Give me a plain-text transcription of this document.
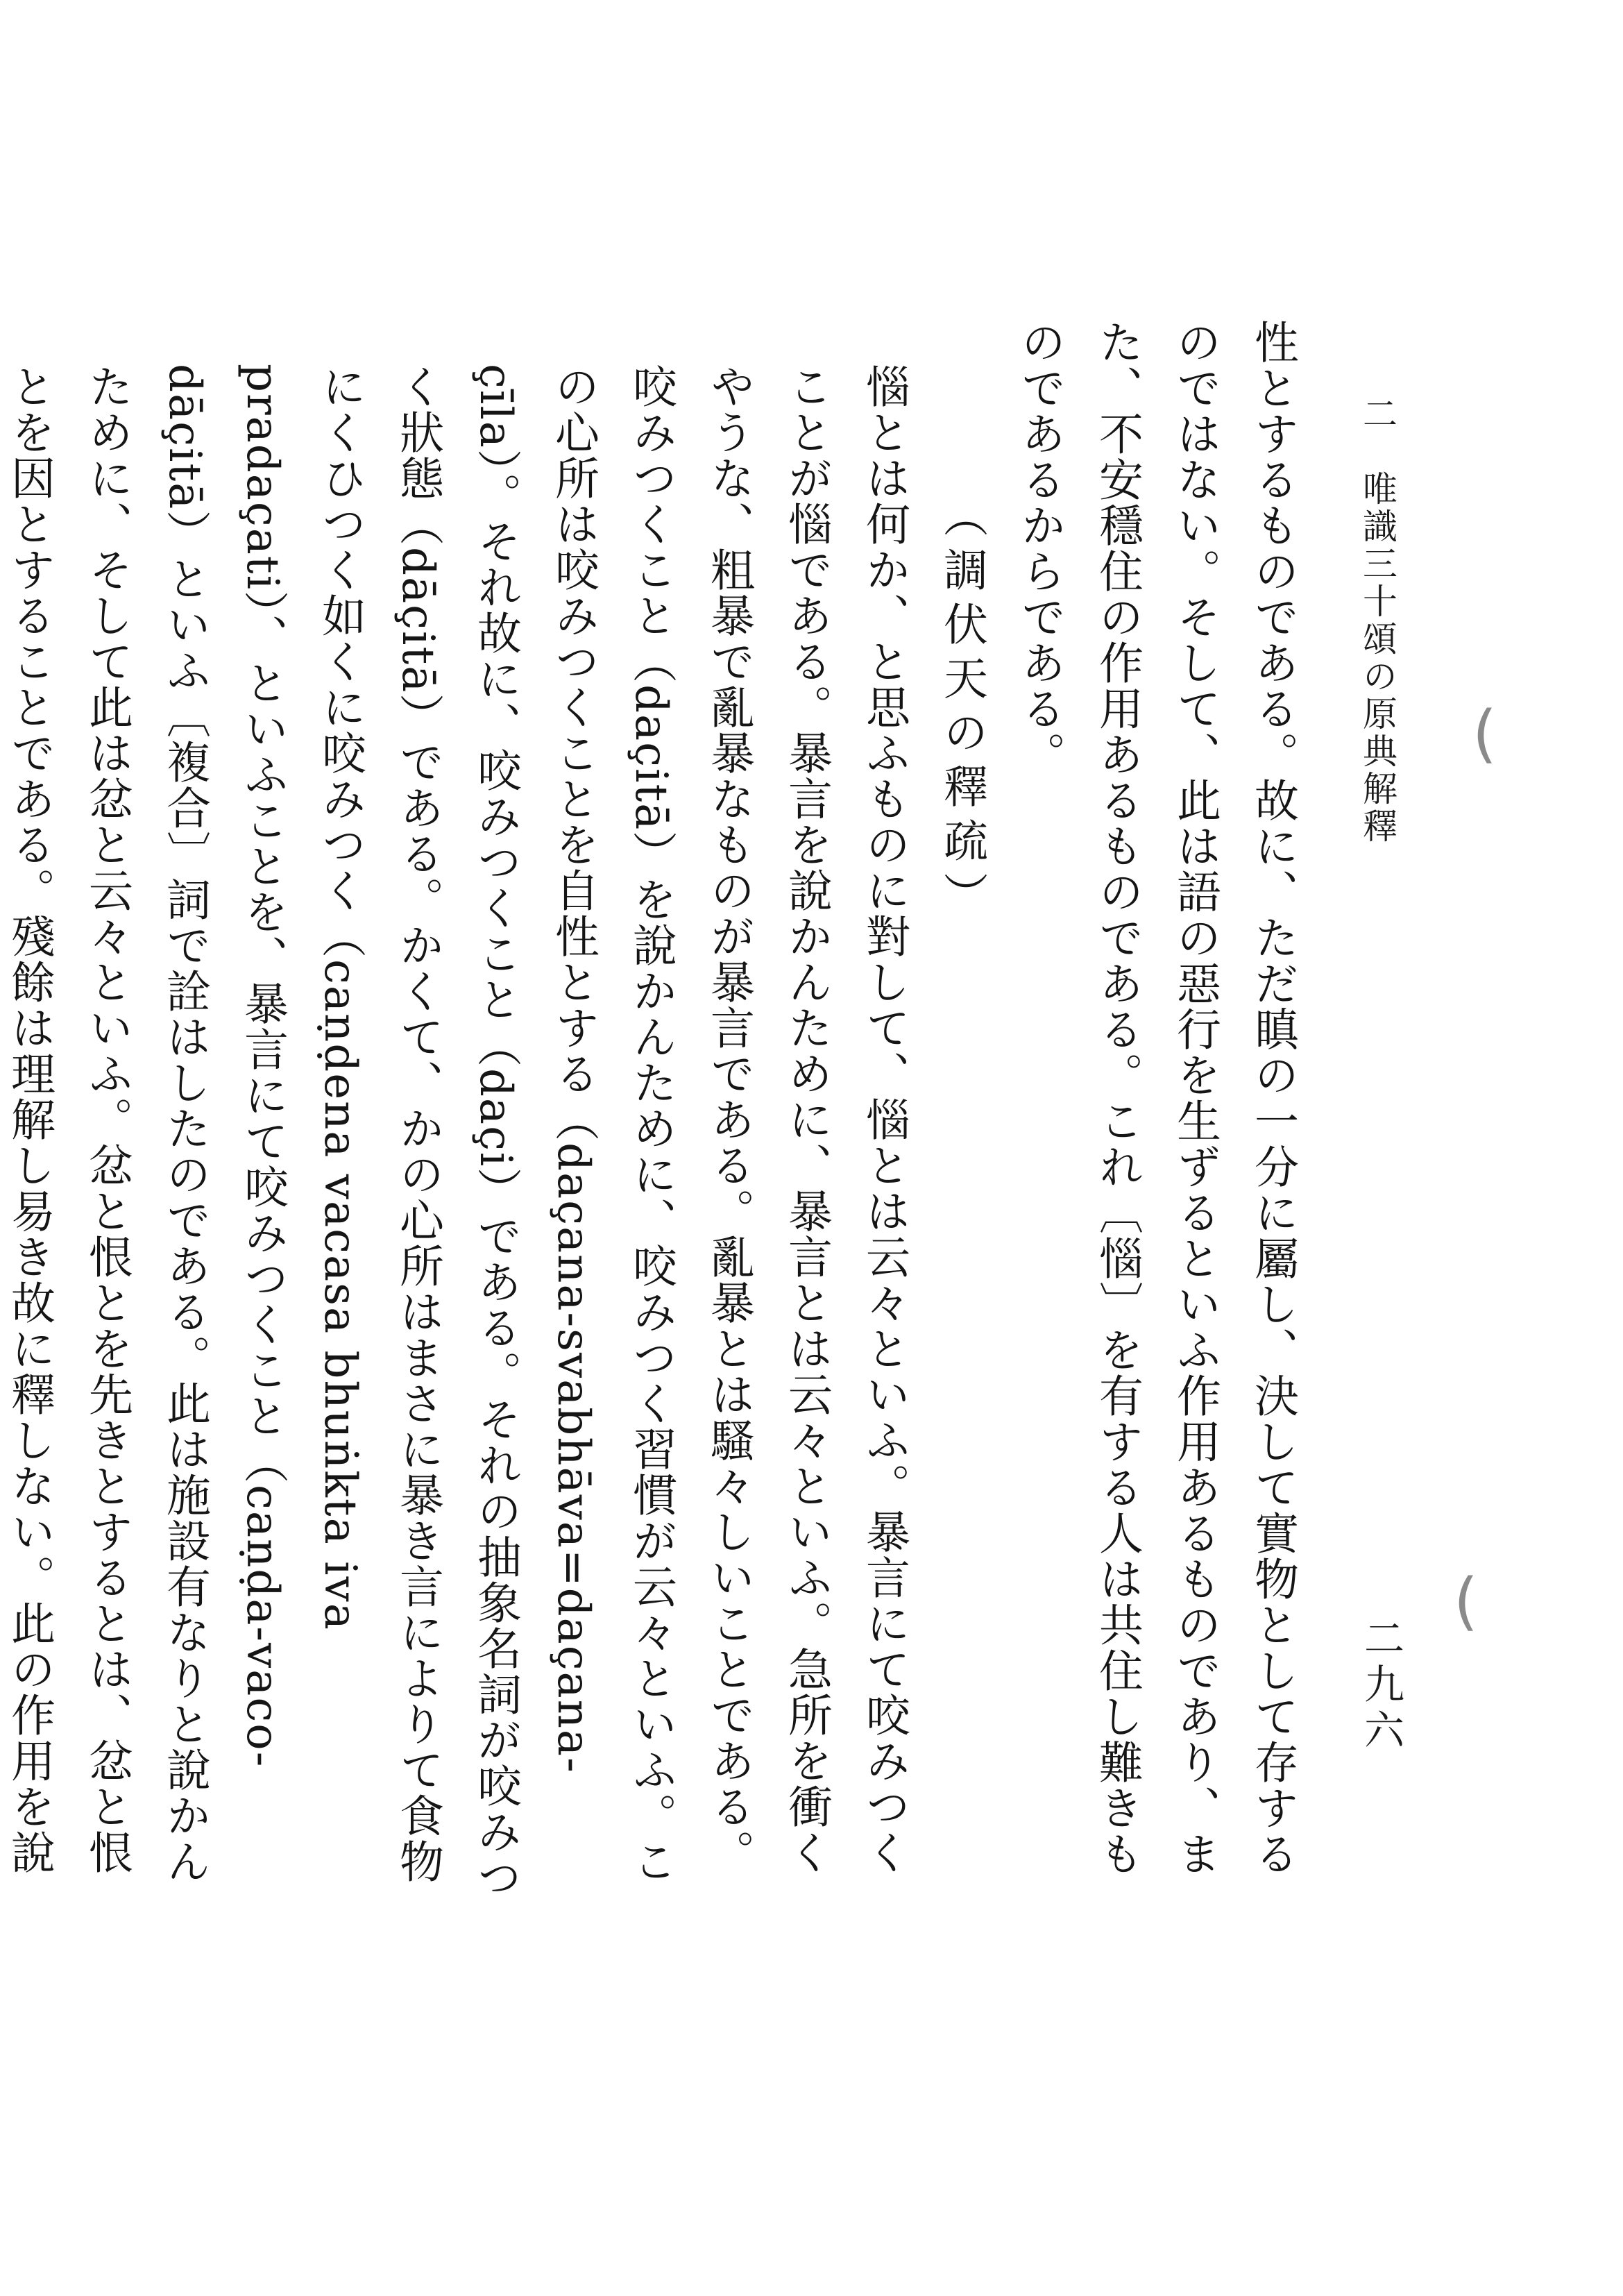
二　唯識三十頌の原典解釋
二九六

性とするものである。故に、ただ瞋の一分に屬し、決して實物として存するのではない。そして、此は語の惡行を生ずるといふ作用あるものであり、また、不安穩住の作用あるものである。これ〔惱〕を有する人は共住し難きものであるからである。

（調伏天の釋疏）

惱とは何か、と思ふものに對して、惱とは云々といふ。暴言にて咬みつくことが惱である。暴言を說かんために、暴言とは云々といふ。急所を衝くやうな、粗暴で亂暴なものが暴言である。亂暴とは騷々しいことである。咬みつくこと（daçitā）を說かんために、咬みつく習慣が云々といふ。この心所は咬みつくことを自性とする（daçana-svabhāva=daçana-çīla）。それ故に、咬みつくこと（daçi）である。それの抽象名詞が咬みつく狀態（dāçitā）である。かくて、かの心所はまさに暴き言によりて食物にくひつく如くに咬みつく（caṇḍena vacasa bhuṅkta iva pradaçati）、といふことを、暴言にて咬みつくこと（caṇḍa-vaco-dāçitā）といふ〔複合〕詞で詮はしたのである。此は施設有なりと說かんために、そして此は忿と云々といふ。忿と恨とを先きとするとは、忿と恨とを因とすることである。殘餘は理解し易き故に釋しない。此の作用を說

(
(
